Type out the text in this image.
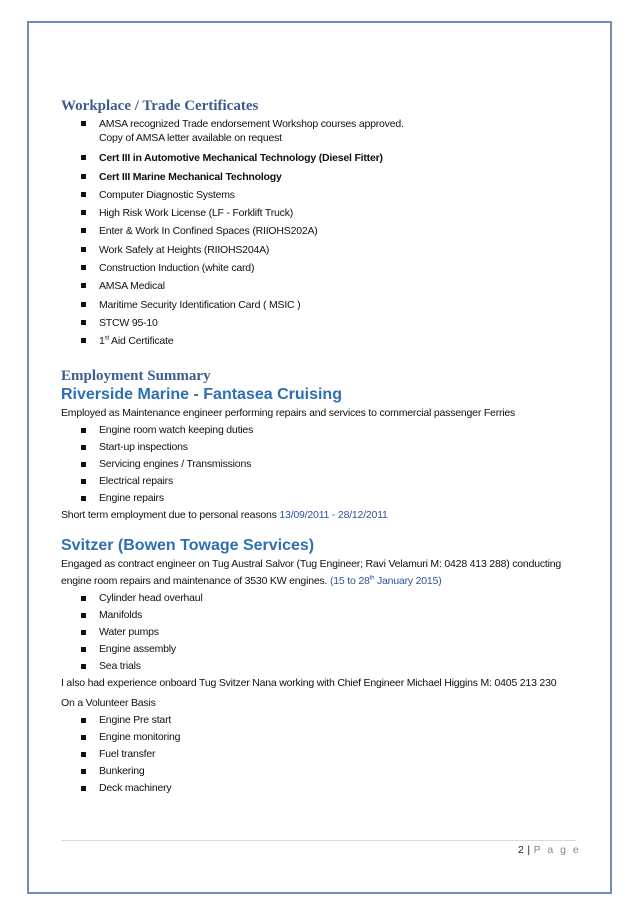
Workplace / Trade Certificates
AMSA recognized Trade endorsement Workshop courses approved.
Copy of AMSA letter available on request
Cert III in Automotive Mechanical Technology (Diesel Fitter)
Cert III Marine Mechanical Technology
Computer Diagnostic Systems
High Risk Work License (LF - Forklift Truck)
Enter & Work In Confined Spaces (RIIOHS202A)
Work Safely at Heights (RIIOHS204A)
Construction Induction (white card)
AMSA Medical
Maritime Security Identification Card ( MSIC )
STCW 95-10
1st Aid Certificate
Employment Summary
Riverside Marine - Fantasea Cruising

Employed as Maintenance engineer performing repairs and services to commercial passenger Ferries

Engine room watch keeping duties
Start-up inspections
Servicing engines / Transmissions
Electrical repairs
Engine repairs

Short term employment due to personal reasons 13/09/2011 - 28/12/2011

Svitzer (Bowen Towage Services)

Engaged as contract engineer on Tug Austral Salvor (Tug Engineer; Ravi Velamuri M: 0428 413 288) conducting

engine room repairs and maintenance of 3530 KW engines. (15 to 28th January 2015)

Cylinder head overhaul
Manifolds
Water pumps
Engine assembly
Sea trials

I also had experience onboard Tug Svitzer Nana working with Chief Engineer Michael Higgins M: 0405 213 230

On a Volunteer Basis

Engine Pre start
Engine monitoring
Fuel transfer
Bunkering
Deck machinery
2 | P a g e
